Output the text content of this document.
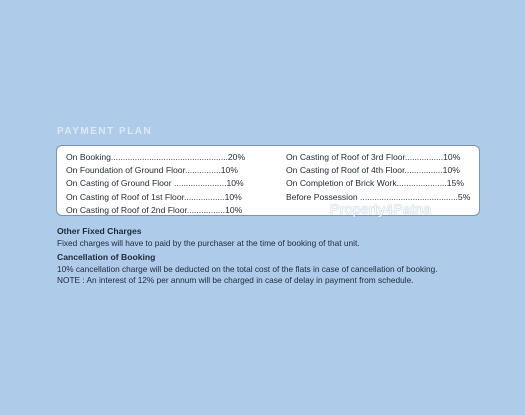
PAYMENT PLAN
On Booking.................................................20%
On Foundation of Ground Floor...............10%
On Casting of Ground Floor ......................10%
On Casting of Roof of 1st Floor.................10%
On Casting of Roof of 2nd Floor................10%
On Casting of Roof of 3rd Floor................10%
On Casting of Roof of 4th Floor................10%
On Completion of Brick Work.....................15%
Before Possession .........................................5%
Property4Patna
Other Fixed Charges
Fixed charges will have to paid by the purchaser at the time of booking of that unit.
Cancellation of Booking
10% cancellation charge will be deducted on the total cost of the flats in case of cancellation of booking.
NOTE : An interest of 12% per annum will be charged in case of delay in payment from schedule.
